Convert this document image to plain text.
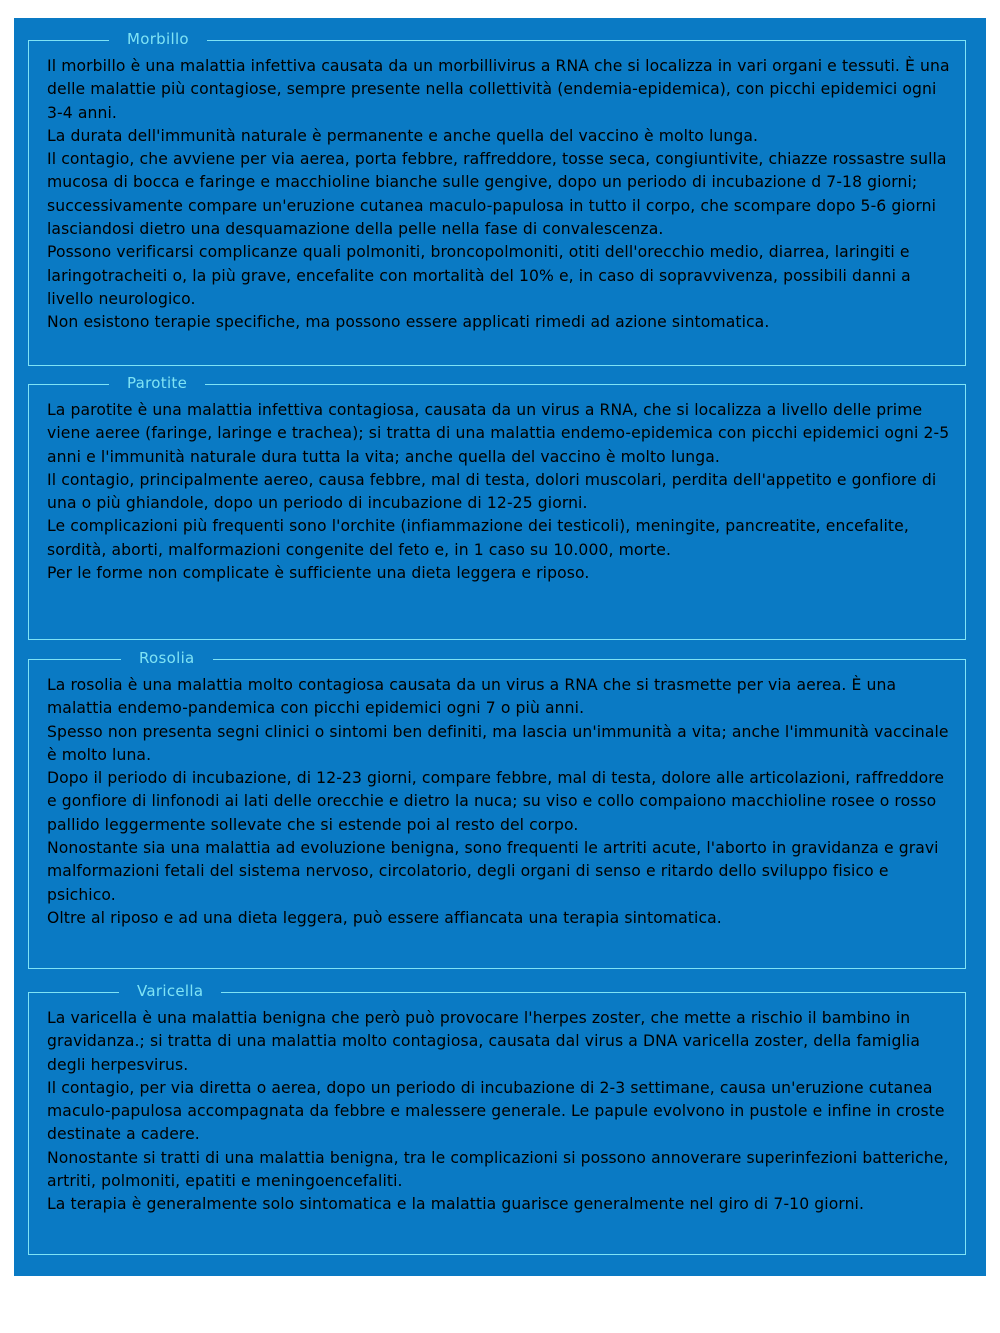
Morbillo

Il morbillo è una malattia infettiva causata da un morbillivirus a RNA che si localizza in vari organi e tessuti. È una delle malattie più contagiose, sempre presente nella collettività (endemia-epidemica), con picchi epidemici ogni 3-4 anni.

La durata dell'immunità naturale è permanente e anche quella del vaccino è molto lunga.

Il contagio, che avviene per via aerea, porta febbre, raffreddore, tosse seca, congiuntivite, chiazze rossastre sulla mucosa di bocca e faringe e macchioline bianche sulle gengive, dopo un periodo di incubazione d 7-18 giorni; successivamente compare un'eruzione cutanea maculo-papulosa in tutto il corpo, che scompare dopo 5-6 giorni lasciandosi dietro una desquamazione della pelle nella fase di convalescenza.

Possono verificarsi complicanze quali polmoniti, broncopolmoniti, otiti dell'orecchio medio, diarrea, laringiti e laringotracheiti o, la più grave, encefalite con mortalità del 10% e, in caso di sopravvivenza, possibili danni a livello neurologico.

Non esistono terapie specifiche, ma possono essere applicati rimedi ad azione sintomatica.

Parotite

La parotite è una malattia infettiva contagiosa, causata da un virus a RNA, che si localizza a livello delle prime viene aeree (faringe, laringe e trachea); si tratta di una malattia endemo-epidemica con picchi epidemici ogni 2-5 anni e l'immunità naturale dura tutta la vita; anche quella del vaccino è molto lunga.

Il contagio, principalmente aereo, causa febbre, mal di testa, dolori muscolari, perdita dell'appetito e gonfiore di una o più ghiandole, dopo un periodo di incubazione di 12-25 giorni.

Le complicazioni più frequenti sono l'orchite (infiammazione dei testicoli), meningite, pancreatite, encefalite, sordità, aborti, malformazioni congenite del feto e, in 1 caso su 10.000, morte.

Per le forme non complicate è sufficiente una dieta leggera e riposo.

Rosolia

La rosolia è una malattia molto contagiosa causata da un virus a RNA che si trasmette per via aerea. È una malattia endemo-pandemica con picchi epidemici ogni 7 o più anni.

Spesso non presenta segni clinici o sintomi ben definiti, ma lascia un'immunità a vita; anche l'immunità vaccinale è molto luna.

Dopo il periodo di incubazione, di 12-23 giorni, compare febbre, mal di testa, dolore alle articolazioni, raffreddore e gonfiore di linfonodi ai lati delle orecchie e dietro la nuca; su viso e collo compaiono macchioline rosee o rosso pallido leggermente sollevate che si estende poi al resto del corpo.

Nonostante sia una malattia ad evoluzione benigna, sono frequenti le artriti acute, l'aborto in gravidanza e gravi malformazioni fetali del sistema nervoso, circolatorio, degli organi di senso e ritardo dello sviluppo fisico e psichico.

Oltre al riposo e ad una dieta leggera, può essere affiancata una terapia sintomatica.

Varicella

La varicella è una malattia benigna che però può provocare l'herpes zoster, che mette a rischio il bambino in gravidanza.; si tratta di una malattia molto contagiosa, causata dal virus a DNA varicella zoster, della famiglia degli herpesvirus.

Il contagio, per via diretta o aerea, dopo un periodo di incubazione di 2-3 settimane, causa un'eruzione cutanea maculo-papulosa accompagnata da febbre e malessere generale. Le papule evolvono in pustole e infine in croste destinate a cadere.

Nonostante si tratti di una malattia benigna, tra le complicazioni si possono annoverare superinfezioni batteriche, artriti, polmoniti, epatiti e meningoencefaliti.

La terapia è generalmente solo sintomatica e la malattia guarisce generalmente nel giro di 7-10 giorni.
